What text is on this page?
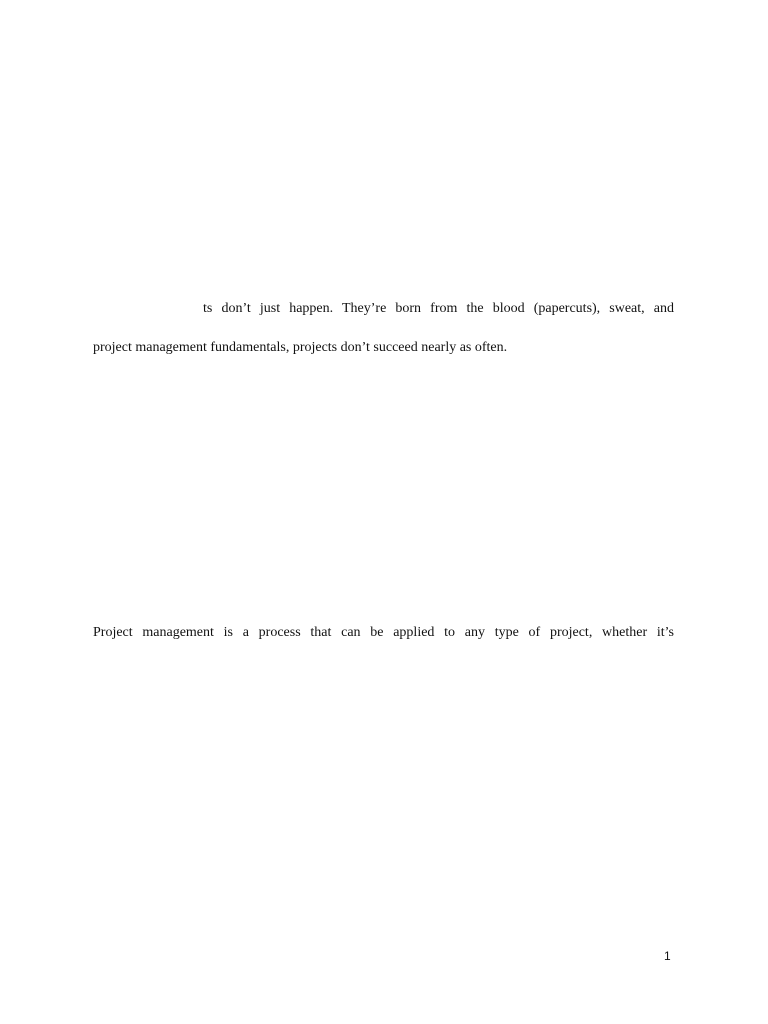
ts don’t just happen. They’re born from the blood (papercuts), sweat, and
project management fundamentals, projects don’t succeed nearly as often.
Project management is a process that can be applied to any type of project, whether it’s
1
